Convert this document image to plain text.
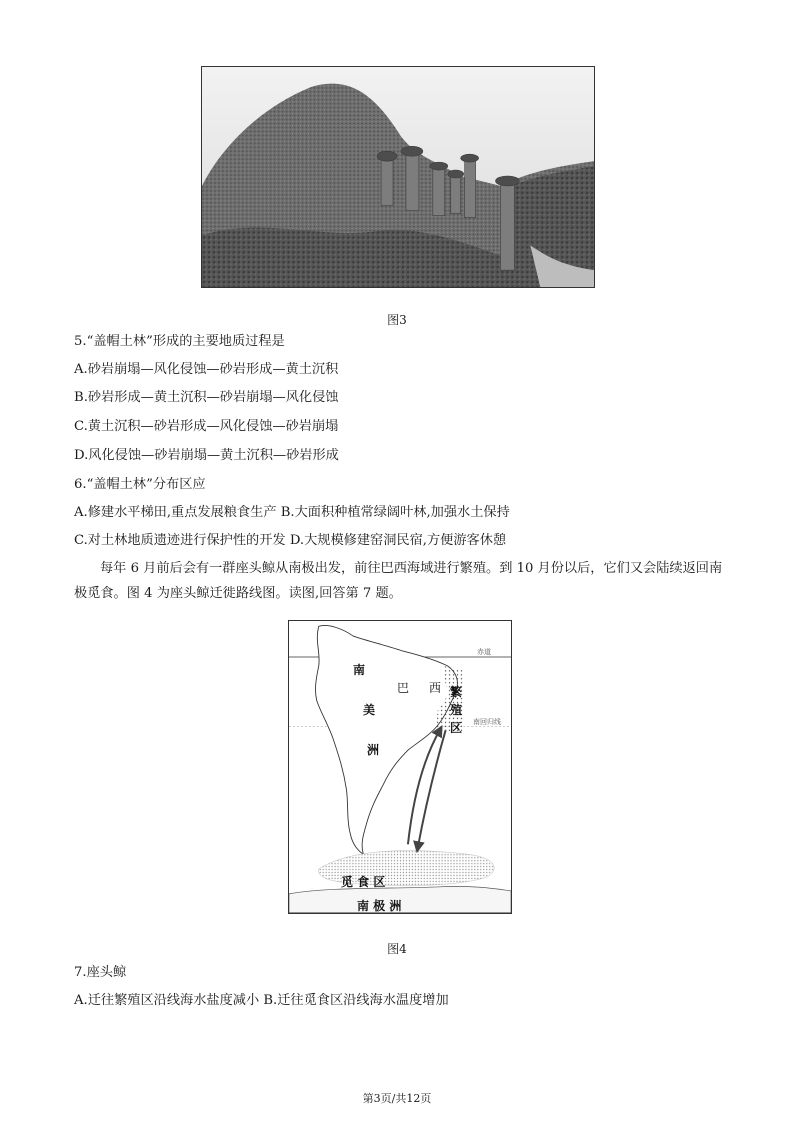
图3
5.“盖帽土林”形成的主要地质过程是
A.砂岩崩塌—风化侵蚀—砂岩形成—黄土沉积
B.砂岩形成—黄土沉积—砂岩崩塌—风化侵蚀
C.黄土沉积—砂岩形成—风化侵蚀—砂岩崩塌
D.风化侵蚀—砂岩崩塌—黄土沉积—砂岩形成
6.“盖帽土林”分布区应
A.修建水平梯田,重点发展粮食生产 B.大面积种植常绿阔叶林,加强水土保持
C.对土林地质遗迹进行保护性的开发 D.大规模修建窑洞民宿,方便游客休憩
每年 6 月前后会有一群座头鲸从南极出发，前往巴西海域进行繁殖。到 10 月份以后，它们又会陆续返回南极觅食。图 4 为座头鲸迁徙路线图。读图,回答第 7 题。
赤道
南回归线
南
美
洲
巴 西 繁
殖
区
觅 食 区
南 极 洲
图4
7.座头鲸
A.迁往繁殖区沿线海水盐度减小 B.迁往觅食区沿线海水温度增加
第3页/共12页
